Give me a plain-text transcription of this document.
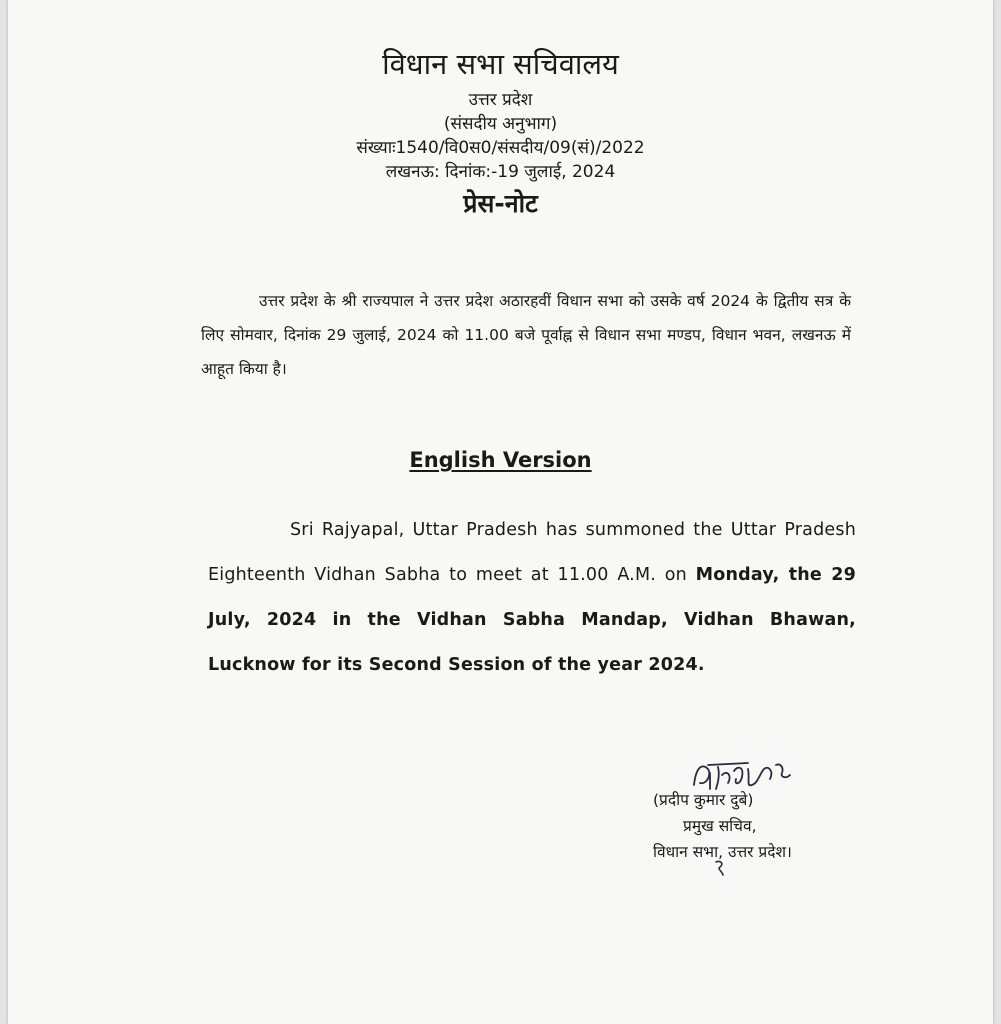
विधान सभा सचिवालय
उत्तर प्रदेश
(संसदीय अनुभाग)
संख्याः1540/वि0स0/संसदीय/09(सं)/2022
लखनऊ: दिनांक:-19 जुलाई, 2024
प्रेस-नोट
उत्तर प्रदेश के श्री राज्यपाल ने उत्तर प्रदेश अठारहवीं विधान सभा को उसके वर्ष 2024 के द्वितीय सत्र के लिए सोमवार, दिनांक 29 जुलाई, 2024 को 11.00 बजे पूर्वाह्न से विधान सभा मण्डप, विधान भवन, लखनऊ में आहूत किया है।
English Version
Sri Rajyapal, Uttar Pradesh has summoned the Uttar Pradesh Eighteenth Vidhan Sabha to meet at 11.00 A.M. on Monday, the 29 July, 2024 in the Vidhan Sabha Mandap, Vidhan Bhawan, Lucknow for its Second Session of the year 2024.
(प्रदीप कुमार दुबे)
प्रमुख सचिव,
विधान सभा, उत्तर प्रदेश।
